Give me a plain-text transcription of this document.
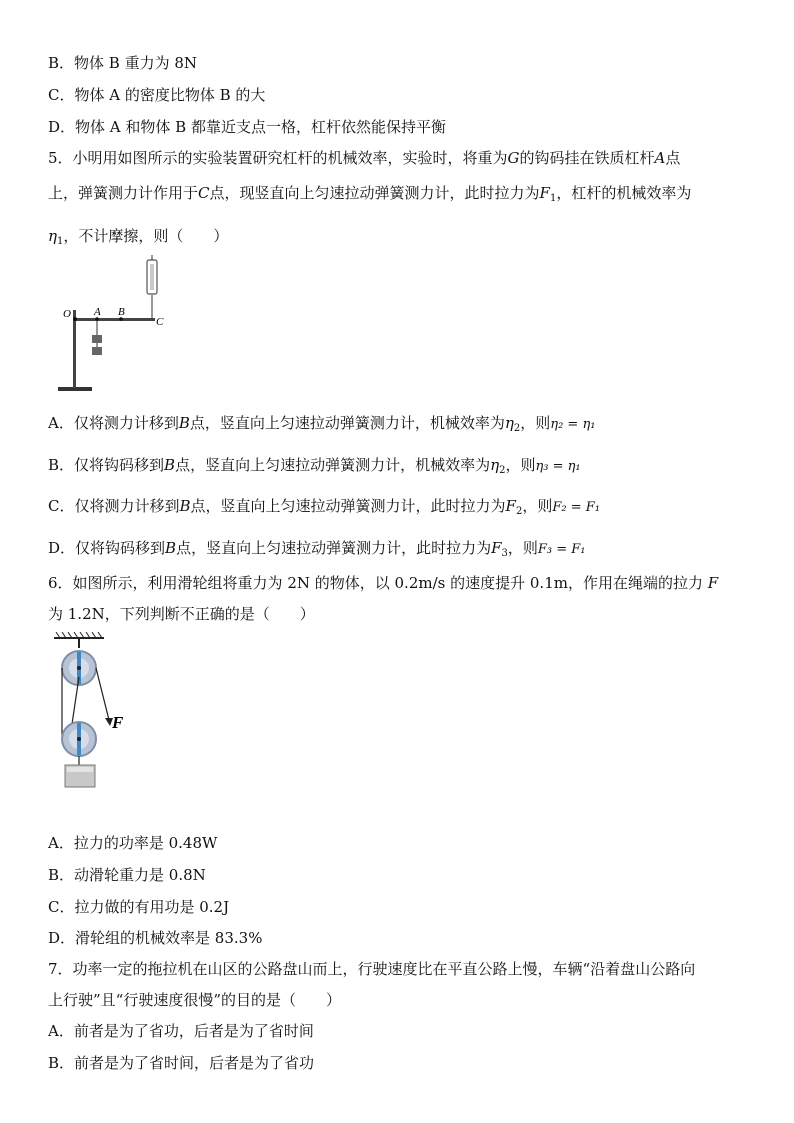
B．物体 B 重力为 8N
C．物体 A 的密度比物体 B 的大
D．物体 A 和物体 B 都靠近支点一格，杠杆依然能保持平衡
5．小明用如图所示的实验装置研究杠杆的机械效率，实验时，将重为G的钩码挂在铁质杠杆A点
上，弹簧测力计作用于C点，现竖直向上匀速拉动弹簧测力计，此时拉力为$F_1$，杠杆的机械效率为
$\eta_1$，不计摩擦，则（　　）
O A B
C
A．仅将测力计移到B点，竖直向上匀速拉动弹簧测力计，机械效率为$\eta_2$，则η₂ = η₁
B．仅将钩码移到B点，竖直向上匀速拉动弹簧测力计，机械效率为$\eta_2$，则η₃ = η₁
C．仅将测力计移到B点，竖直向上匀速拉动弹簧测力计，此时拉力为$F_2$，则F₂ = F₁
D．仅将钩码移到B点，竖直向上匀速拉动弹簧测力计，此时拉力为$F_3$，则F₃ = F₁
6．如图所示，利用滑轮组将重力为 2N 的物体，以 0.2m/s 的速度提升 0.1m，作用在绳端的拉力 F
为 1.2N，下列判断不正确的是（　　）
F
A．拉力的功率是 0.48W
B．动滑轮重力是 0.8N
C．拉力做的有用功是 0.2J
D．滑轮组的机械效率是 83.3%
7．功率一定的拖拉机在山区的公路盘山而上，行驶速度比在平直公路上慢，车辆“沿着盘山公路向
上行驶”且“行驶速度很慢”的目的是（　　）
A．前者是为了省功，后者是为了省时间
B．前者是为了省时间，后者是为了省功
